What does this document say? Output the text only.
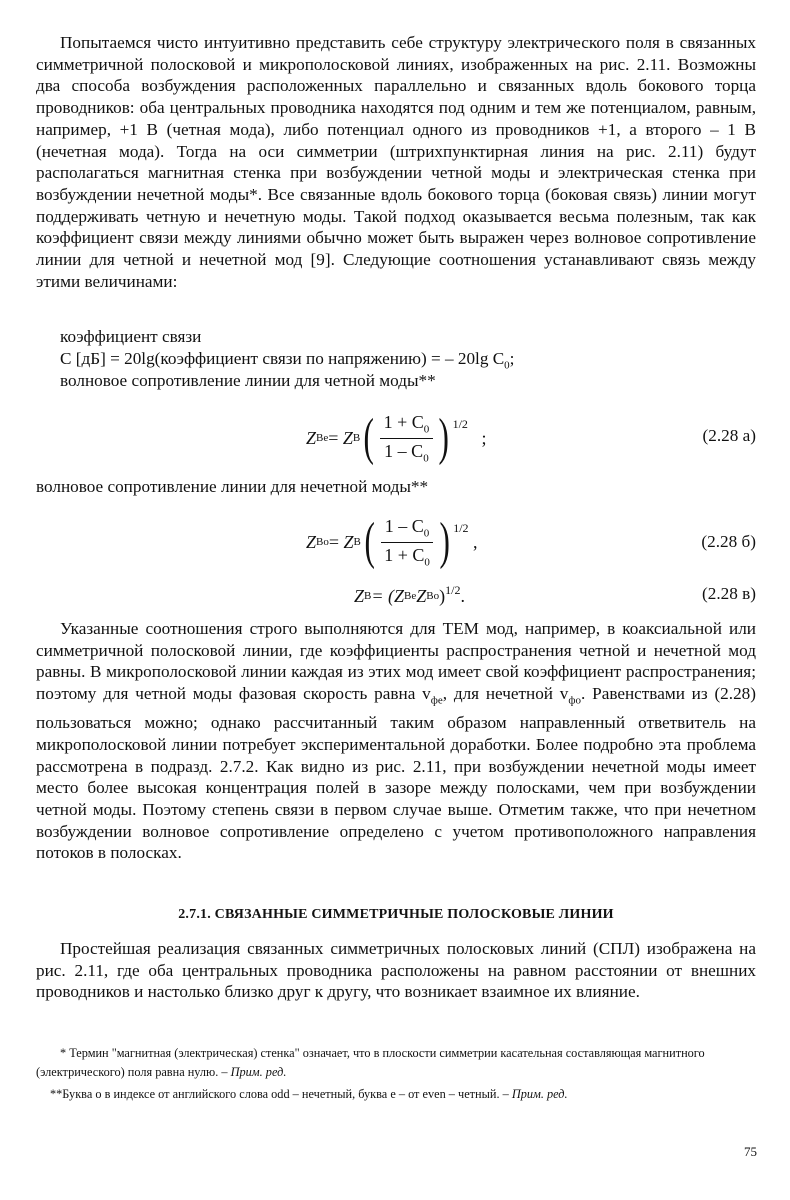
Попытаемся чисто интуитивно представить себе структуру электрического поля в связанных симметричной полосковой и микрополосковой линиях, изображенных на рис. 2.11. Возможны два способа возбуждения расположенных параллельно и связанных вдоль бокового торца проводников: оба центральных проводника находятся под одним и тем же потенциалом, равным, например, +1 В (четная мода), либо потенциал одного из проводников +1, а второго – 1 В (нечетная мода). Тогда на оси симметрии (штрихпунктирная линия на рис. 2.11) будут располагаться магнитная стенка при возбуждении четной моды и электрическая стенка при возбуждении нечетной моды*. Все связанные вдоль бокового торца (боковая связь) линии могут поддерживать четную и нечетную моды. Такой подход оказывается весьма полезным, так как коэффициент связи между линиями обычно может быть выражен через волновое сопротивление линии для четной и нечетной мод [9]. Следующие соотношения устанавливают связь между этими величинами:

коэффициент связи
C [дБ] = 20lg(коэффициент связи по напряжению) = – 20lg $C_0$;
волновое сопротивление линии для четной моды**
Z Ве =
Z В ( $\frac{1 + C_0}{1 - C_0}$ ) $^{1/2}$

;	(2.28 а)
волновое сопротивление линии для нечетной моды**
Z Во =
Z В ( $\frac{1 - C_0}{1 + C_0}$ ) $^{1/2}$

,	(2.28 б)
Z В = (Z Ве Z Во )$^{1/2}$ .	(2.28 в)

Указанные соотношения строго выполняются для ТЕМ мод, например, в коаксиальной или симметричной полосковой линии, где коэффициенты распространения четной и нечетной мод равны. В микрополосковой линии каждая из этих мод имеет свой коэффициент распространения; поэтому для четной моды фазовая скорость равна $v_{фе}$, для нечетной $v_{фо}$. Равенствами из (2.28) пользоваться можно; однако рассчитанный таким образом направленный ответвитель на микрополосковой линии потребует экспериментальной доработки. Более подробно эта проблема рассмотрена в подразд. 2.7.2. Как видно из рис. 2.11, при возбуждении нечетной моды имеет место более высокая концентрация полей в зазоре между полосками, чем при возбуждении четной моды. Поэтому степень связи в первом случае выше. Отметим также, что при нечетном возбуждении волновое сопротивление определено с учетом противоположного направления потоков в полосках.

2.7.1. СВЯЗАННЫЕ СИММЕТРИЧНЫЕ ПОЛОСКОВЫЕ ЛИНИИ

Простейшая реализация связанных симметричных полосковых линий (СПЛ) изображена на рис. 2.11, где оба центральных проводника расположены на равном расстоянии от внешних проводников и настолько близко друг к другу, что возникает взаимное их влияние.

* Термин "магнитная (электрическая) стенка" означает, что в плоскости симметрии касательная составляющая магнитного (электрического) поля равна нулю. – Прим. ред.
**Буква о в индексе от английского слова odd – нечетный, буква е – от even – четный. – Прим. ред.
75
